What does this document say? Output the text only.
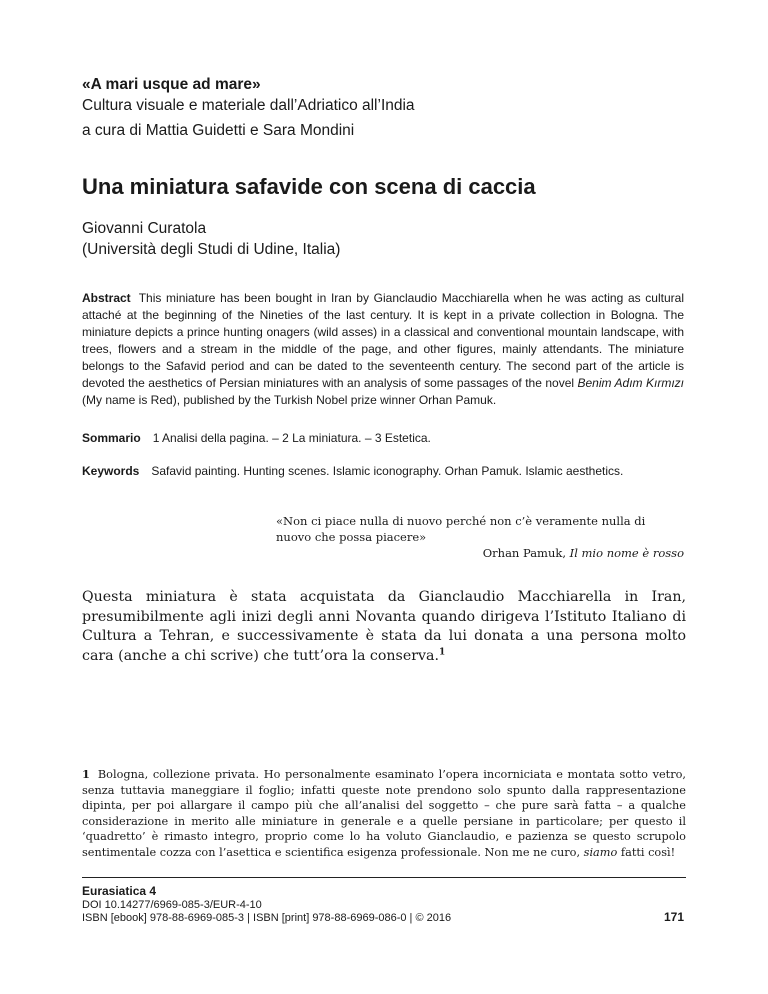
«A mari usque ad mare»
Cultura visuale e materiale dall’Adriatico all’India
a cura di Mattia Guidetti e Sara Mondini
Una miniatura safavide con scena di caccia
Giovanni Curatola
(Università degli Studi di Udine, Italia)
Abstract This miniature has been bought in Iran by Gianclaudio Macchiarella when he was acting as cultural attaché at the beginning of the Nineties of the last century. It is kept in a private collection in Bologna. The miniature depicts a prince hunting onagers (wild asses) in a classical and conventional mountain landscape, with trees, flowers and a stream in the middle of the page, and other figures, mainly attendants. The miniature belongs to the Safavid period and can be dated to the seventeenth century. The second part of the article is devoted the aesthetics of Persian miniatures with an analysis of some passages of the novel Benim Adım Kırmızı (My name is Red), published by the Turkish Nobel prize winner Orhan Pamuk.
Sommario 1 Analisi della pagina. – 2 La miniatura. – 3 Estetica.
Keywords Safavid painting. Hunting scenes. Islamic iconography. Orhan Pamuk. Islamic aesthetics.
«Non ci piace nulla di nuovo perché non c’è veramente nulla di nuovo che possa piacere»
Orhan Pamuk, Il mio nome è rosso
Questa miniatura è stata acquistata da Gianclaudio Macchiarella in Iran, presumibilmente agli inizi degli anni Novanta quando dirigeva l’Istituto Italiano di Cultura a Tehran, e successivamente è stata da lui donata a una persona molto cara (anche a chi scrive) che tutt’ora la conserva.$^1$
1 Bologna, collezione privata. Ho personalmente esaminato l’opera incorniciata e montata sotto vetro, senza tuttavia maneggiare il foglio; infatti queste note prendono solo spunto dalla rappresentazione dipinta, per poi allargare il campo più che all’analisi del soggetto – che pure sarà fatta – a qualche considerazione in merito alle miniature in generale e a quelle persiane in particolare; per questo il ‘quadretto’ è rimasto integro, proprio come lo ha voluto Gianclaudio, e pazienza se questo scrupolo sentimentale cozza con l’asettica e scientifica esigenza professionale. Non me ne curo, siamo fatti così!
Eurasiatica 4
DOI 10.14277/6969-085-3/EUR-4-10
ISBN [ebook] 978-88-6969-085-3 | ISBN [print] 978-88-6969-086-0 | © 2016	171
